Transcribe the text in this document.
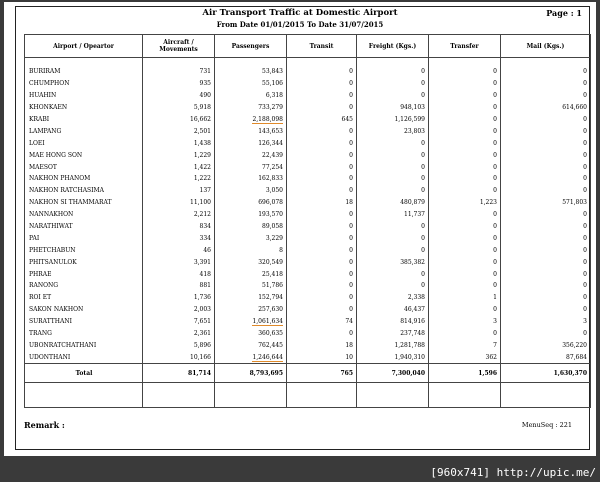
Air Transport Traffic at Domestic Airport
From Date 01/01/2015 To Date 31/07/2015
Page : 1
Airport / Opeartor	Aircraft / Movements	Passengers	Transit	Freight (Kgs.)	Transfer	Mail (Kgs.)

BURIRAM	731	53,843	0	0	0	0
CHUMPHON	935	55,106	0	0	0	0
HUAHIN	490	6,318	0	0	0	0
KHONKAEN	5,918	733,279	0	948,103	0	614,660
KRABI	16,662	2,188,098	645	1,126,599	0	0
LAMPANG	2,501	143,653	0	23,803	0	0
LOEI	1,438	126,344	0	0	0	0
MAE HONG SON	1,229	22,439	0	0	0	0
MAESOT	1,422	77,254	0	0	0	0
NAKHON PHANOM	1,222	162,833	0	0	0	0
NAKHON RATCHASIMA	137	3,050	0	0	0	0
NAKHON SI THAMMARAT	11,100	696,078	18	480,879	1,223	571,803
NANNAKHON	2,212	193,570	0	11,737	0	0
NARATHIWAT	834	89,058	0	0	0	0
PAI	334	3,229	0	0	0	0
PHETCHABUN	46	8	0	0	0	0
PHITSANULOK	3,391	320,549	0	385,382	0	0
PHRAE	418	25,418	0	0	0	0
RANONG	881	51,786	0	0	0	0
ROI ET	1,736	152,794	0	2,338	1	0
SAKON NAKHON	2,003	257,630	0	46,437	0	0
SURATTHANI	7,651	1,061,634	74	814,916	3	3
TRANG	2,361	360,635	0	237,748	0	0
UBONRATCHATHANI	5,896	762,445	18	1,281,788	7	356,220
UDONTHANI	10,166	1,246,644	10	1,940,310	362	87,684
Total	81,714	8,793,695	765	7,300,040	1,596	1,630,370

Remark :	MenuSeq : 221
[960x741] http://upic.me/
